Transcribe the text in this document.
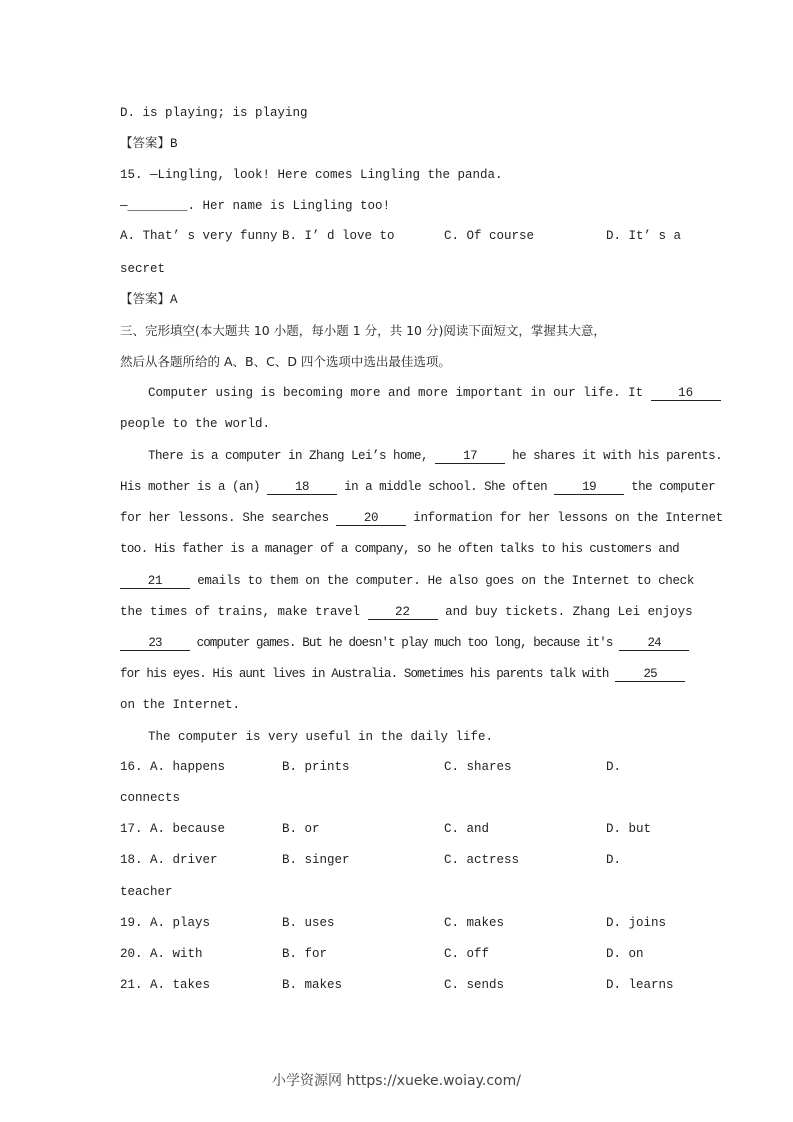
D. is playing; is playing
【答案】B
15. —Lingling, look! Here comes Lingling the panda.
—________. Her name is Lingling too!
A. That’ s very funny B. I’ d love to	C. Of course	D. It’ s a
secret
【答案】A
三、完形填空(本大题共 10 小题，每小题 1 分，共 10 分)阅读下面短文，掌握其大意，
然后从各题所给的 A、B、C、D 四个选项中选出最佳选项。
Computer using is becoming more and more important in our life. It	16
people to the world.
There is a computer in Zhang Lei’s home,	17	he shares it with his parents.
His mother is a (an)	18	in a middle school. She often	19	the computer
for her lessons. She searches	20	information for her lessons on the Internet
too. His father is a manager of a company, so he often talks to his customers and
21	emails to them on the computer. He also goes on the Internet to check
the times of trains, make travel	22	and buy tickets. Zhang Lei enjoys
23	computer games. But he doesn't play much too long, because it's	24
for his eyes. His aunt lives in Australia. Sometimes his parents talk with	25
on the Internet.
The computer is very useful in the daily life.
16. A. happens	B. prints	C. shares	D.
connects
17. A. because	B. or	C. and	D. but
18. A. driver	B. singer	C. actress	D.
teacher
19. A. plays	B. uses	C. makes	D. joins
20. A. with	B. for	C. off	D. on
21. A. takes	B. makes	C. sends	D. learns
小学资源网 https://xueke.woiay.com/
